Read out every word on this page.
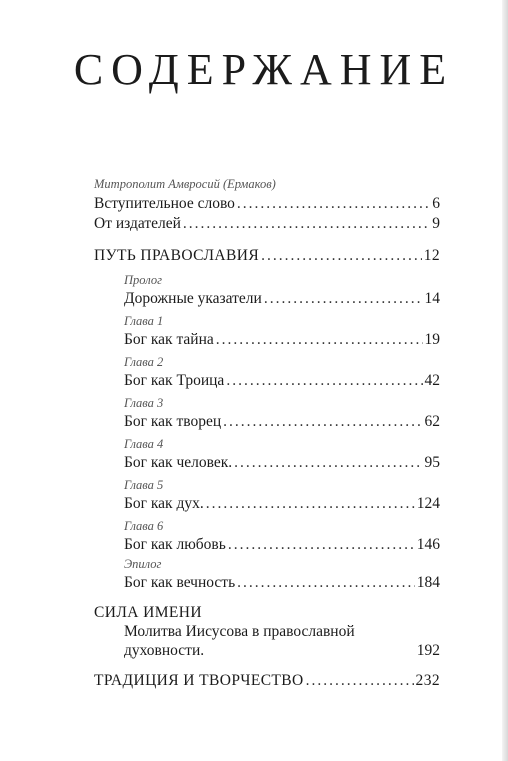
СОДЕРЖАНИЕ
Митрополит Амвросий (Ермаков)
Вступительное слово .....	6
От издателей .....	9
ПУТЬ ПРАВОСЛАВИЯ .....	12
Пролог
Дорожные указатели .....	14
Глава 1
Бог как тайна .....	19
Глава 2
Бог как Троица .....	42
Глава 3
Бог как творец .....	62
Глава 4
Бог как человек. .....	95
Глава 5
Бог как дух. .....	124
Глава 6
Бог как любовь .....	146
Эпилог
Бог как вечность .....	184
СИЛА ИМЕНИ
Молитва Иисусова в православной
духовности.	192
ТРАДИЦИЯ И ТВОРЧЕСТВО .....	232
